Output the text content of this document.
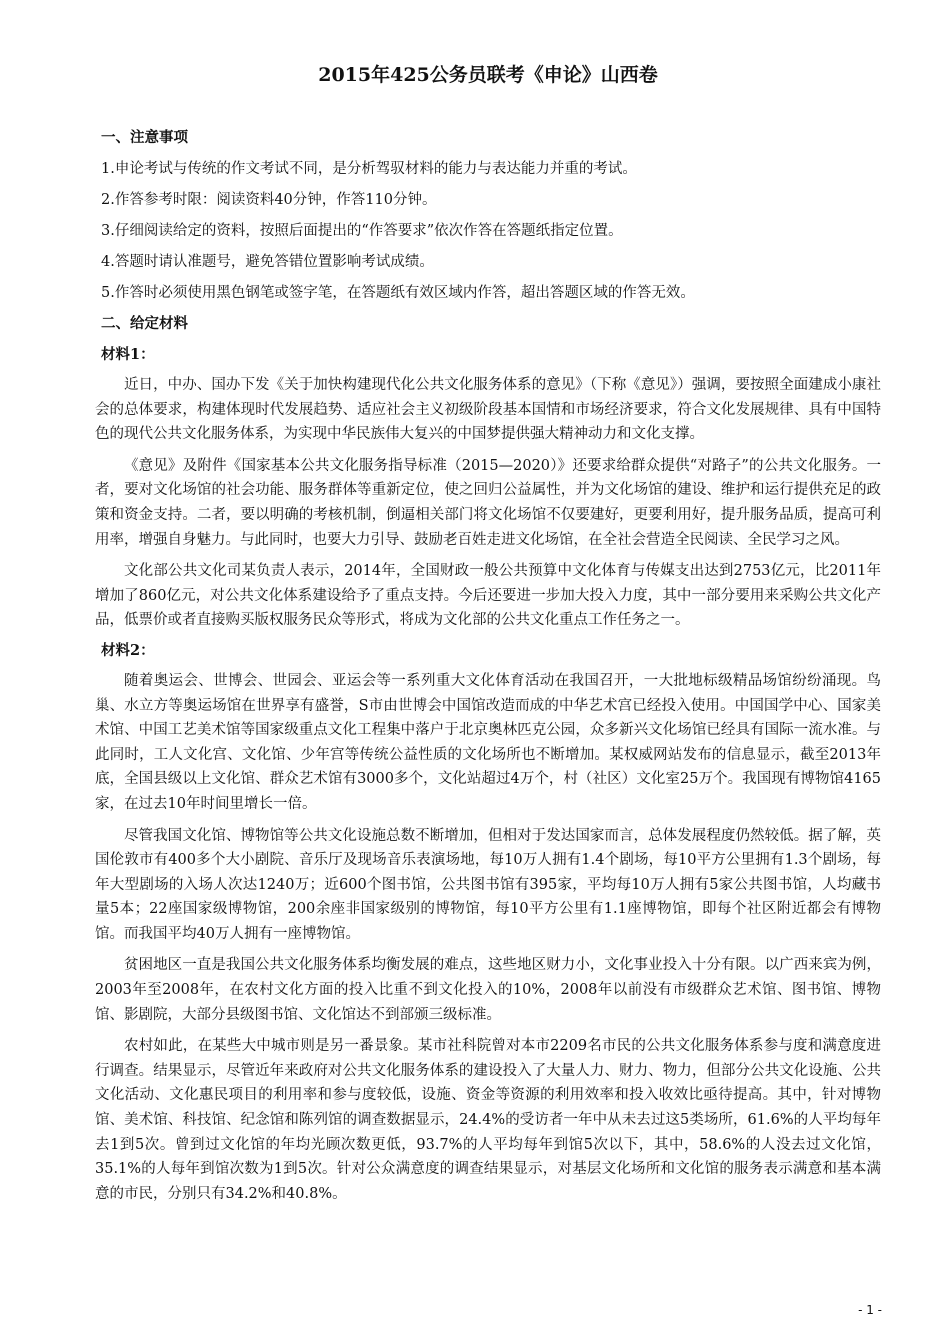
2015年425公务员联考《申论》山西卷
一、注意事项
1.申论考试与传统的作文考试不同，是分析驾驭材料的能力与表达能力并重的考试。
2.作答参考时限：阅读资料40分钟，作答110分钟。
3.仔细阅读给定的资料，按照后面提出的“作答要求”依次作答在答题纸指定位置。
4.答题时请认准题号，避免答错位置影响考试成绩。
5.作答时必须使用黑色钢笔或签字笔，在答题纸有效区域内作答，超出答题区域的作答无效。
二、给定材料
材料1：

近日，中办、国办下发《关于加快构建现代化公共文化服务体系的意见》（下称《意见》）强调，要按照全面建成小康社会的总体要求，构建体现时代发展趋势、适应社会主义初级阶段基本国情和市场经济要求，符合文化发展规律、具有中国特色的现代公共文化服务体系，为实现中华民族伟大复兴的中国梦提供强大精神动力和文化支撑。

《意见》及附件《国家基本公共文化服务指导标准（2015—2020）》还要求给群众提供“对路子”的公共文化服务。一者，要对文化场馆的社会功能、服务群体等重新定位，使之回归公益属性，并为文化场馆的建设、维护和运行提供充足的政策和资金支持。二者，要以明确的考核机制，倒逼相关部门将文化场馆不仅要建好，更要利用好，提升服务品质，提高可利用率，增强自身魅力。与此同时，也要大力引导、鼓励老百姓走进文化场馆，在全社会营造全民阅读、全民学习之风。

文化部公共文化司某负责人表示，2014年，全国财政一般公共预算中文化体育与传媒支出达到2753亿元，比2011年增加了860亿元，对公共文化体系建设给予了重点支持。今后还要进一步加大投入力度，其中一部分要用来采购公共文化产品，低票价或者直接购买版权服务民众等形式，将成为文化部的公共文化重点工作任务之一。

材料2：

随着奥运会、世博会、世园会、亚运会等一系列重大文化体育活动在我国召开，一大批地标级精品场馆纷纷涌现。鸟巢、水立方等奥运场馆在世界享有盛誉，S市由世博会中国馆改造而成的中华艺术宫已经投入使用。中国国学中心、国家美术馆、中国工艺美术馆等国家级重点文化工程集中落户于北京奥林匹克公园，众多新兴文化场馆已经具有国际一流水准。与此同时，工人文化宫、文化馆、少年宫等传统公益性质的文化场所也不断增加。某权威网站发布的信息显示，截至2013年底，全国县级以上文化馆、群众艺术馆有3000多个，文化站超过4万个，村（社区）文化室25万个。我国现有博物馆4165家，在过去10年时间里增长一倍。

尽管我国文化馆、博物馆等公共文化设施总数不断增加，但相对于发达国家而言，总体发展程度仍然较低。据了解，英国伦敦市有400多个大小剧院、音乐厅及现场音乐表演场地，每10万人拥有1.4个剧场，每10平方公里拥有1.3个剧场，每年大型剧场的入场人次达1240万；近600个图书馆，公共图书馆有395家，平均每10万人拥有5家公共图书馆，人均藏书量5本；22座国家级博物馆，200余座非国家级别的博物馆，每10平方公里有1.1座博物馆，即每个社区附近都会有博物馆。而我国平均40万人拥有一座博物馆。

贫困地区一直是我国公共文化服务体系均衡发展的难点，这些地区财力小，文化事业投入十分有限。以广西来宾为例，2003年至2008年，在农村文化方面的投入比重不到文化投入的10%，2008年以前没有市级群众艺术馆、图书馆、博物馆、影剧院，大部分县级图书馆、文化馆达不到部颁三级标准。

农村如此，在某些大中城市则是另一番景象。某市社科院曾对本市2209名市民的公共文化服务体系参与度和满意度进行调查。结果显示，尽管近年来政府对公共文化服务体系的建设投入了大量人力、财力、物力，但部分公共文化设施、公共文化活动、文化惠民项目的利用率和参与度较低，设施、资金等资源的利用效率和投入收效比亟待提高。其中，针对博物馆、美术馆、科技馆、纪念馆和陈列馆的调查数据显示，24.4%的受访者一年中从未去过这5类场所，61.6%的人平均每年去1到5次。曾到过文化馆的年均光顾次数更低，93.7%的人平均每年到馆5次以下，其中，58.6%的人没去过文化馆，35.1%的人每年到馆次数为1到5次。针对公众满意度的调查结果显示，对基层文化场所和文化馆的服务表示满意和基本满意的市民，分别只有34.2%和40.8%。

- 1 -
